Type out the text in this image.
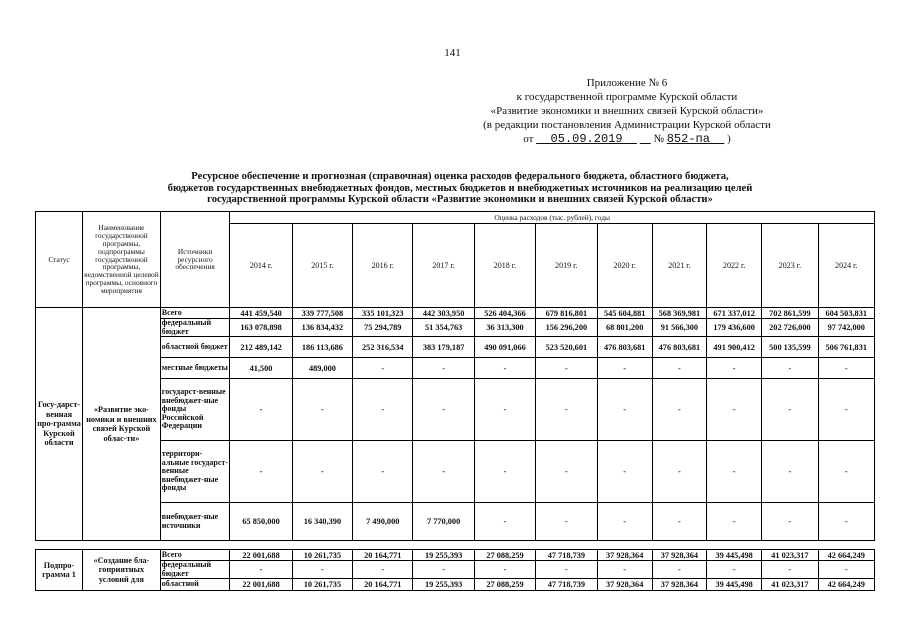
141
Приложение № 6
к государственной программе Курской области
«Развитие экономики и внешних связей Курской области»
(в редакции постановления Администрации Курской области
от 05.09.2019	№ 852-па )
Ресурсное обеспечение и прогнозная (справочная) оценка расходов федерального бюджета, областного бюджета,
бюджетов государственных внебюджетных фондов, местных бюджетов и внебюджетных источников на реализацию целей
государственной программы Курской области «Развитие экономики и внешних связей Курской области»
Статус	Наименование государственной программы, подпрограммы государственной программы, ведомственной целевой программы, основного мероприятия	Источники ресурсного обеспечения	Оценка расходов (тыс. рублей), годы										
			2014 г.	2015 г.	2016 г.	2017 г.	2018 г.	2019 г.	2020 г.	2021 г.	2022 г.	2023 г.	2024 г.
Госу-дарст-венная про-грамма Курской области	«Развитие эко-номики и внешних связей Курской облас-ти»	Всего	441 459,540	339 777,508	335 101,323	442 303,950	526 404,366	679 816,801	545 604,881	568 369,981	671 337,012	702 861,599	604 503,831
		федеральный бюджет	163 078,898	136 834,432	75 294,789	51 354,763	36 313,300	156 296,200	68 801,200	91 566,300	179 436,600	202 726,000	97 742,000
		областной бюджет	212 489,142	186 113,686	252 316,534	383 179,187	490 091,066	523 520,601	476 803,681	476 803,681	491 900,412	500 135,599	506 761,831
		местные бюджеты	41,500	489,000	-	-	-	-	-	-	-	-	-
		государст-венные внебюджет-ные фонды Российской Федерации	-	-	-	-	-	-	-	-	-	-	-
		территори-альные государст-венные внебюджет-ные фонды	-	-	-	-	-	-	-	-	-	-	-
		внебюджет-ные источники	65 850,000	16 340,390	7 490,000	7 770,000	-	-	-	-	-	-	-

Подпро-грамма 1	«Создание бла-гоприятных условий для	Всего	22 001,688	10 261,735	20 164,771	19 255,393	27 088,259	47 718,739	37 928,364	37 928,364	39 445,498	41 023,317	42 664,249
		федеральный бюджет	-	-	-	-	-	-	-	-	-	-	-
		областной	22 001,688	10 261,735	20 164,771	19 255,393	27 088,259	47 718,739	37 928,364	37 928,364	39 445,498	41 023,317	42 664,249
